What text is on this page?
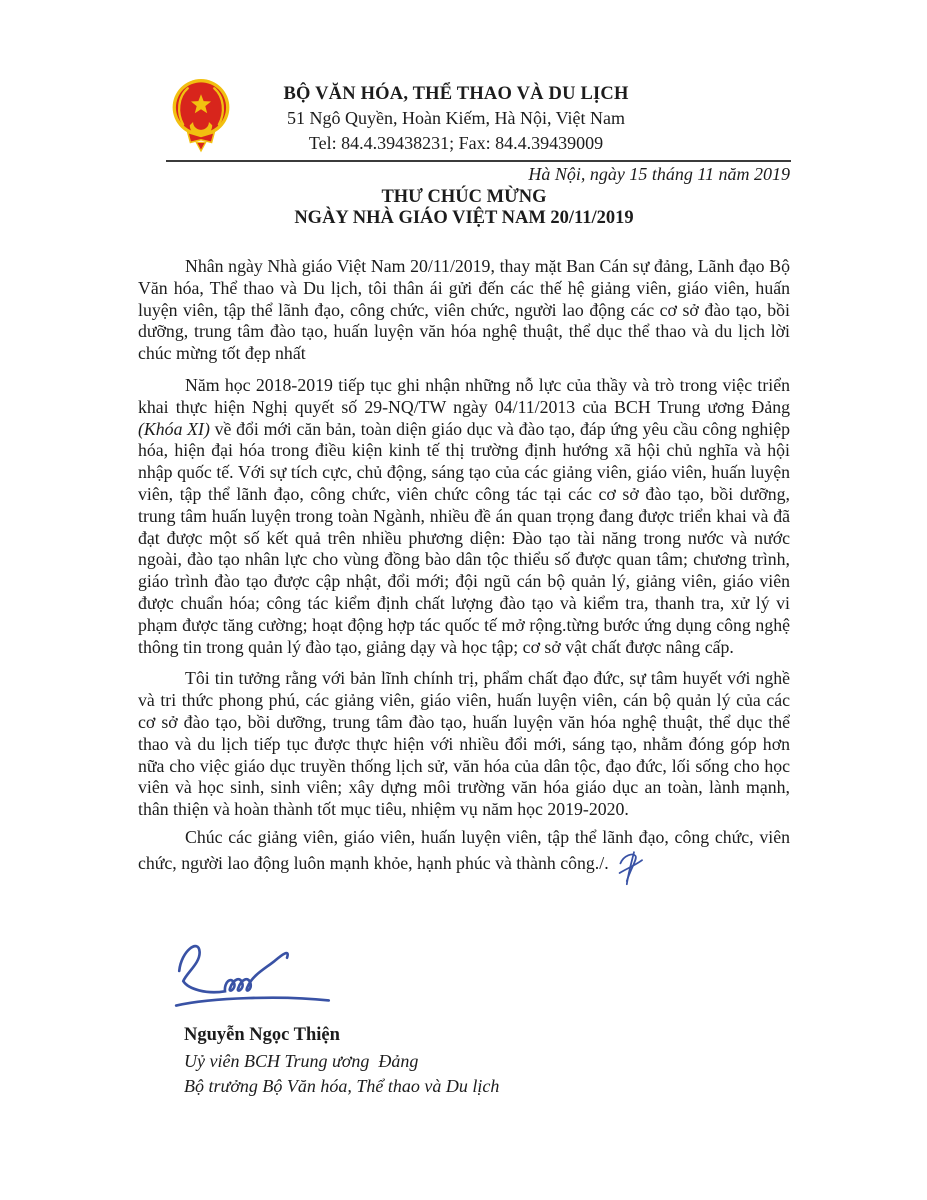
BỘ VĂN HÓA, THỂ THAO VÀ DU LỊCH
51 Ngô Quyền, Hoàn Kiếm, Hà Nội, Việt Nam
Tel: 84.4.39438231; Fax: 84.4.39439009
Hà Nội, ngày 15 tháng 11 năm 2019
THƯ CHÚC MỪNG
NGÀY NHÀ GIÁO VIỆT NAM 20/11/2019

Nhân ngày Nhà giáo Việt Nam 20/11/2019, thay mặt Ban Cán sự đảng, Lãnh đạo Bộ Văn hóa, Thể thao và Du lịch, tôi thân ái gửi đến các thế hệ giảng viên, giáo viên, huấn luyện viên, tập thể lãnh đạo, công chức, viên chức, người lao động các cơ sở đào tạo, bồi dưỡng, trung tâm đào tạo, huấn luyện văn hóa nghệ thuật, thể dục thể thao và du lịch lời chúc mừng tốt đẹp nhất

Năm học 2018-2019 tiếp tục ghi nhận những nỗ lực của thầy và trò trong việc triển khai thực hiện Nghị quyết số 29-NQ/TW ngày 04/11/2013 của BCH Trung ương Đảng (Khóa XI) về đổi mới căn bản, toàn diện giáo dục và đào tạo, đáp ứng yêu cầu công nghiệp hóa, hiện đại hóa trong điều kiện kinh tế thị trường định hướng xã hội chủ nghĩa và hội nhập quốc tế. Với sự tích cực, chủ động, sáng tạo của các giảng viên, giáo viên, huấn luyện viên, tập thể lãnh đạo, công chức, viên chức công tác tại các cơ sở đào tạo, bồi dưỡng, trung tâm huấn luyện trong toàn Ngành, nhiều đề án quan trọng đang được triển khai và đã đạt được một số kết quả trên nhiều phương diện: Đào tạo tài năng trong nước và nước ngoài, đào tạo nhân lực cho vùng đồng bào dân tộc thiểu số được quan tâm; chương trình, giáo trình đào tạo được cập nhật, đổi mới; đội ngũ cán bộ quản lý, giảng viên, giáo viên được chuẩn hóa; công tác kiểm định chất lượng đào tạo và kiểm tra, thanh tra, xử lý vi phạm được tăng cường; hoạt động hợp tác quốc tế mở rộng.từng bước ứng dụng công nghệ thông tin trong quản lý đào tạo, giảng dạy và học tập; cơ sở vật chất được nâng cấp.

Tôi tin tưởng rằng với bản lĩnh chính trị, phẩm chất đạo đức, sự tâm huyết với nghề và tri thức phong phú, các giảng viên, giáo viên, huấn luyện viên, cán bộ quản lý của các cơ sở đào tạo, bồi dưỡng, trung tâm đào tạo, huấn luyện văn hóa nghệ thuật, thể dục thể thao và du lịch tiếp tục được thực hiện với nhiều đổi mới, sáng tạo, nhằm đóng góp hơn nữa cho việc giáo dục truyền thống lịch sử, văn hóa của dân tộc, đạo đức, lối sống cho học viên và học sinh, sinh viên; xây dựng môi trường văn hóa giáo dục an toàn, lành mạnh, thân thiện và hoàn thành tốt mục tiêu, nhiệm vụ năm học 2019-2020.

Chúc các giảng viên, giáo viên, huấn luyện viên, tập thể lãnh đạo, công chức, viên chức, người lao động luôn mạnh khỏe, hạnh phúc và thành công./.

Nguyễn Ngọc Thiện
Uỷ viên BCH Trung ương  Đảng
Bộ trưởng Bộ Văn hóa, Thể thao và Du lịch
